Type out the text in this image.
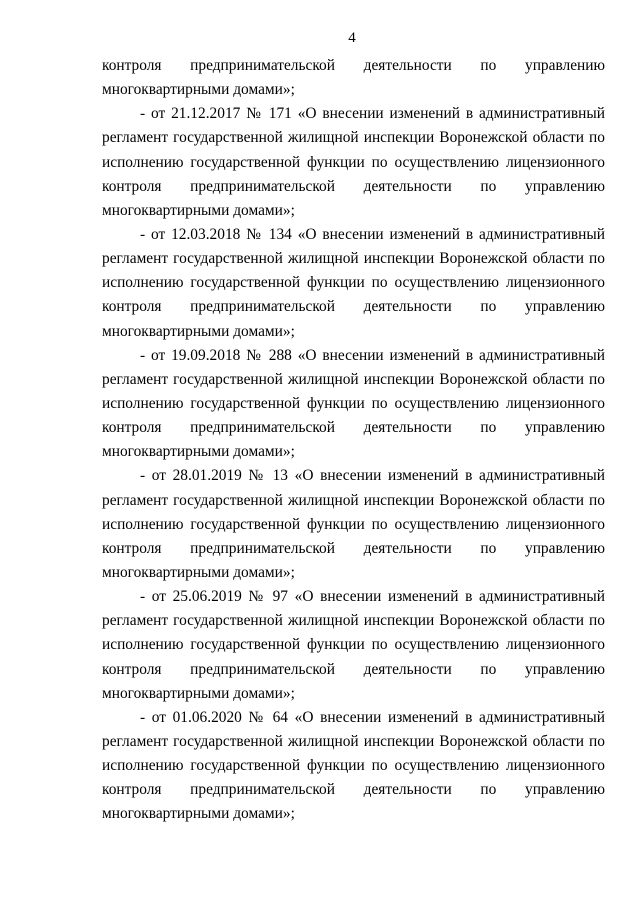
4
контроля предпринимательской деятельности по управлению
многоквартирными домами»;
- от 21.12.2017 № 171 «О внесении изменений в административный
регламент государственной жилищной инспекции Воронежской области по
исполнению государственной функции по осуществлению лицензионного
контроля предпринимательской деятельности по управлению
многоквартирными домами»;
- от 12.03.2018 № 134 «О внесении изменений в административный
регламент государственной жилищной инспекции Воронежской области по
исполнению государственной функции по осуществлению лицензионного
контроля предпринимательской деятельности по управлению
многоквартирными домами»;
- от 19.09.2018 № 288 «О внесении изменений в административный
регламент государственной жилищной инспекции Воронежской области по
исполнению государственной функции по осуществлению лицензионного
контроля предпринимательской деятельности по управлению
многоквартирными домами»;
- от 28.01.2019 № 13 «О внесении изменений в административный
регламент государственной жилищной инспекции Воронежской области по
исполнению государственной функции по осуществлению лицензионного
контроля предпринимательской деятельности по управлению
многоквартирными домами»;
- от 25.06.2019 № 97 «О внесении изменений в административный
регламент государственной жилищной инспекции Воронежской области по
исполнению государственной функции по осуществлению лицензионного
контроля предпринимательской деятельности по управлению
многоквартирными домами»;
- от 01.06.2020 № 64 «О внесении изменений в административный
регламент государственной жилищной инспекции Воронежской области по
исполнению государственной функции по осуществлению лицензионного
контроля предпринимательской деятельности по управлению
многоквартирными домами»;
